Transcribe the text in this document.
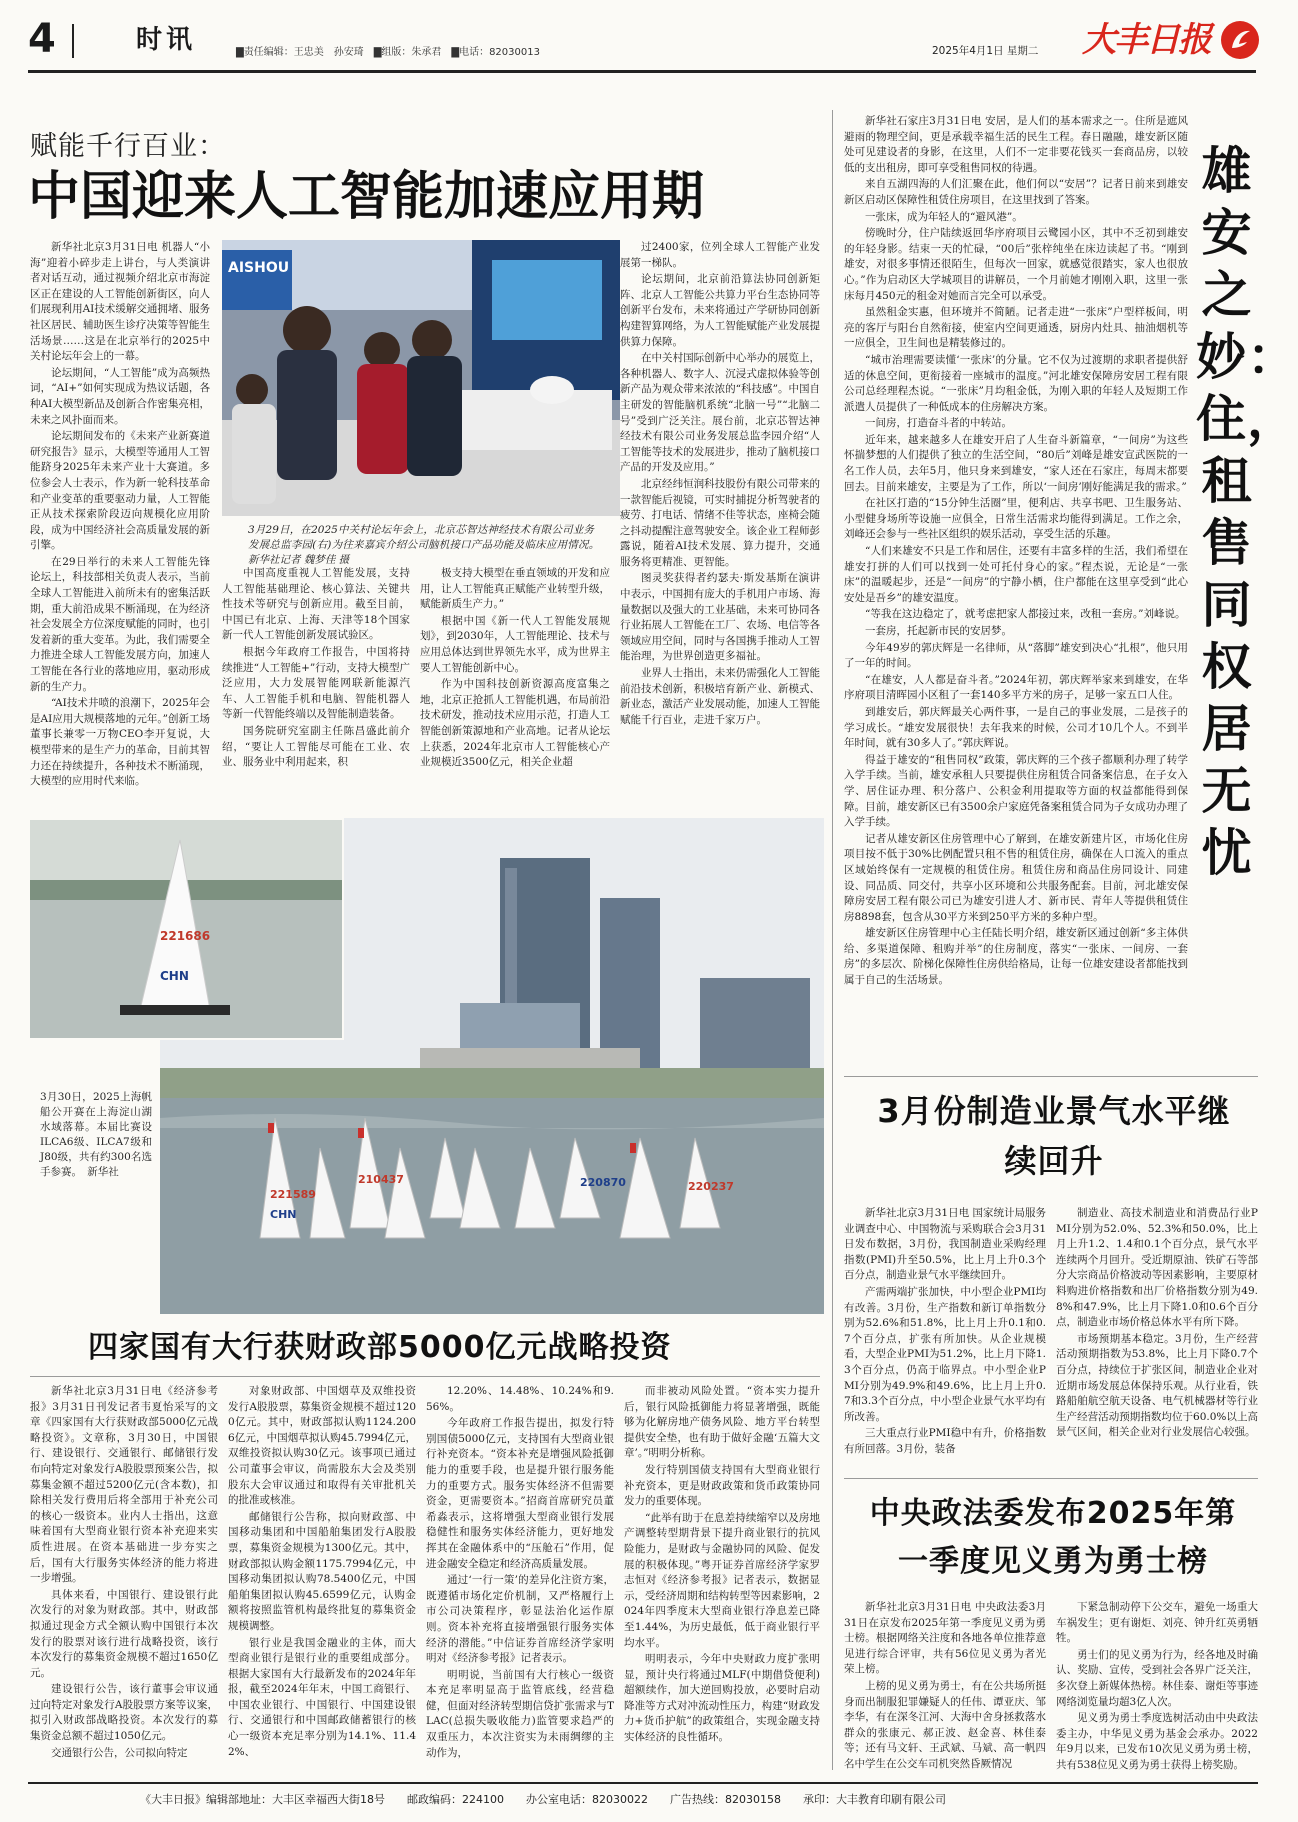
4	时讯	▇责任编辑：王忠美　孙安琦　▇组版：朱承君　▇电话：82030013	2025年4月1日 星期二 大丰日报
赋能千行百业：
中国迎来人工智能加速应用期

新华社北京3月31日电 机器人“小海”迎着小碎步走上讲台，与人类演讲者对话互动，通过视频介绍北京市海淀区正在建设的人工智能创新街区，向人们展现利用AI技术缓解交通拥堵、服务社区居民、辅助医生诊疗决策等智能生活场景……这是在北京举行的2025中关村论坛年会上的一幕。

论坛期间，“人工智能”成为高频热词，“AI+”如何实现成为热议话题，各种AI大模型新品及创新合作密集亮相，未来之风扑面而来。

论坛期间发布的《未来产业新赛道研究报告》显示，大模型等通用人工智能跻身2025年未来产业十大赛道。多位参会人士表示，作为新一轮科技革命和产业变革的重要驱动力量，人工智能正从技术探索阶段迈向规模化应用阶段，成为中国经济社会高质量发展的新引擎。

在29日举行的未来人工智能先锋论坛上，科技部相关负责人表示，当前全球人工智能进入前所未有的密集活跃期，重大前沿成果不断涌现，在为经济社会发展全方位深度赋能的同时，也引发着新的重大变革。为此，我们需要全力推进全球人工智能发展方向，加速人工智能在各行业的落地应用，驱动形成新的生产力。

“AI技术井喷的浪潮下，2025年会是AI应用大规模落地的元年。”创新工场董事长兼零一万物CEO李开复说，大模型带来的是生产力的革命，目前其智力还在持续提升，各种技术不断涌现，大模型的应用时代来临。

AISHOU
3月29日，在2025中关村论坛年会上，北京芯智达神经技术有限公司业务发展总监李园(右)为往来嘉宾介绍公司脑机接口产品功能及临床应用情况。　　新华社记者 魏梦佳 摄

中国高度重视人工智能发展，支持人工智能基础理论、核心算法、关键共性技术等研究与创新应用。截至目前，中国已有北京、上海、天津等18个国家新一代人工智能创新发展试验区。

根据今年政府工作报告，中国将持续推进“人工智能+”行动，支持大模型广泛应用，大力发展智能网联新能源汽车、人工智能手机和电脑、智能机器人等新一代智能终端以及智能制造装备。

国务院研究室副主任陈昌盛此前介绍，“要让人工智能尽可能在工业、农业、服务业中利用起来，积

极支持大模型在垂直领域的开发和应用，让人工智能真正赋能产业转型升级，赋能新质生产力。”

根据中国《新一代人工智能发展规划》，到2030年，人工智能理论、技术与应用总体达到世界领先水平，成为世界主要人工智能创新中心。

作为中国科技创新资源高度富集之地，北京正抢抓人工智能机遇，布局前沿技术研发，推动技术应用示范，打造人工智能创新策源地和产业高地。记者从论坛上获悉，2024年北京市人工智能核心产业规模近3500亿元，相关企业超

过2400家，位列全球人工智能产业发展第一梯队。

论坛期间，北京前沿算法协同创新矩阵、北京人工智能公共算力平台生态协同等创新平台发布，未来将通过产学研协同创新构建智算网络，为人工智能赋能产业发展提供算力保障。

在中关村国际创新中心举办的展览上，各种机器人、数字人、沉浸式虚拟体验等创新产品为观众带来浓浓的“科技感”。中国自主研发的智能脑机系统“北脑一号”“北脑二号”受到广泛关注。展台前，北京芯智达神经技术有限公司业务发展总监李园介绍“人工智能等技术的发展进步，推动了脑机接口产品的开发及应用。”

北京经纬恒润科技股份有限公司带来的一款智能后视镜，可实时捕捉分析驾驶者的疲劳、打电话、情绪不佳等状态，座椅会随之抖动提醒注意驾驶安全。该企业工程师彭露说，随着AI技术发展、算力提升，交通服务将更精准、更智能。

图灵奖获得者约瑟夫·斯发基斯在演讲中表示，中国拥有庞大的手机用户市场、海量数据以及强大的工业基础，未来可协同各行业拓展人工智能在工厂、农场、电信等各领域应用空间，同时与各国携手推动人工智能治理，为世界创造更多福祉。

业界人士指出，未来仍需强化人工智能前沿技术创新，积极培育新产业、新模式、新业态，激活产业发展动能，加速人工智能赋能千行百业，走进千家万户。

221589
210437	220870	220237
CHN
221686
CHN
3月30日，2025上海帆船公开赛在上海淀山湖水域落幕。本届比赛设ILCA6级、ILCA7级和J80级，共有约300名选手参赛。　新华社
四家国有大行获财政部5000亿元战略投资

新华社北京3月31日电《经济参考报》3月31日刊发记者韦夏怡采写的文章《四家国有大行获财政部5000亿元战略投资》。文章称，3月30日，中国银行、建设银行、交通银行、邮储银行发布向特定对象发行A股股票预案公告，拟募集金额不超过5200亿元(含本数)，扣除相关发行费用后将全部用于补充公司的核心一级资本。业内人士指出，这意味着国有大型商业银行资本补充迎来实质性进展。在资本基础进一步夯实之后，国有大行服务实体经济的能力将进一步增强。

具体来看，中国银行、建设银行此次发行的对象为财政部。其中，财政部拟通过现金方式全额认购中国银行本次发行的股票对该行进行战略投资，该行本次发行的募集资金规模不超过1650亿元。

建设银行公告，该行董事会审议通过向特定对象发行A股股票方案等议案，拟引入财政部战略投资。本次发行的募集资金总额不超过1050亿元。

交通银行公告，公司拟向特定

对象财政部、中国烟草及双维投资发行A股股票，募集资金规模不超过1200亿元。其中，财政部拟认购1124.2006亿元，中国烟草拟认购45.7994亿元，双维投资拟认购30亿元。该事项已通过公司董事会审议，尚需股东大会及类别股东大会审议通过和取得有关审批机关的批准或核准。

邮储银行公告称，拟向财政部、中国移动集团和中国船舶集团发行A股股票，募集资金规模为1300亿元。其中，财政部拟认购金额1175.7994亿元，中国移动集团拟认购78.5400亿元，中国船舶集团拟认购45.6599亿元，认购金额将按照监管机构最终批复的募集资金规模调整。

银行业是我国金融业的主体，而大型商业银行是银行业的重要组成部分。根据大家国有大行最新发布的2024年年报，截至2024年年末，中国工商银行、中国农业银行、中国银行、中国建设银行、交通银行和中国邮政储蓄银行的核心一级资本充足率分别为14.1%、11.42%、

12.20%、14.48%、10.24%和9.56%。

今年政府工作报告提出，拟发行特别国债5000亿元，支持国有大型商业银行补充资本。“资本补充是增强风险抵御能力的重要手段，也是提升银行服务能力的重要方式。服务实体经济不但需要资金，更需要资本。”招商首席研究员董希淼表示，这将增强大型商业银行发展稳健性和服务实体经济能力，更好地发挥其在金融体系中的“压舱石”作用，促进金融安全稳定和经济高质量发展。

通过‘一行一策’的差异化注资方案，既遵循市场化定价机制，又严格履行上市公司决策程序，彰显法治化运作原则。资本补充将直接增强银行服务实体经济的潜能。”中信证券首席经济学家明明对《经济参考报》记者表示。

明明说，当前国有大行核心一级资本充足率明显高于监管底线，经营稳健，但面对经济转型期信贷扩张需求与TLAC(总损失吸收能力)监管要求趋严的双重压力，本次注资实为未雨绸缪的主动作为，

而非被动风险处置。“资本实力提升后，银行风险抵御能力将显著增强，既能够为化解房地产债务风险、地方平台转型提供安全垫，也有助于做好金融‘五篇大文章’。”明明分析称。

发行特别国债支持国有大型商业银行补充资本，更是财政政策和货币政策协同发力的重要体现。

“此举有助于在息差持续缩窄以及房地产调整转型期背景下提升商业银行的抗风险能力，是财政与金融协同的风险、促发展的积极体现。”粤开证券首席经济学家罗志恒对《经济参考报》记者表示，数据显示，受经济周期和结构转型等因素影响，2024年四季度末大型商业银行净息差已降至1.44%，为历史最低，低于商业银行平均水平。

明明表示，今年中央财政力度扩张明显，预计央行将通过MLF(中期借贷便利)超额续作，加大逆回购投放，必要时启动降准等方式对冲流动性压力，构建“财政发力+货币护航”的政策组合，实现金融支持实体经济的良性循环。

新华社石家庄3月31日电 安居，是人们的基本需求之一。住所是遮风避雨的物理空间，更是承载幸福生活的民生工程。春日融融，雄安新区随处可见建设者的身影，在这里，人们不一定非要花钱买一套商品房，以较低的支出租房，即可享受租售同权的待遇。

来自五湖四海的人们汇聚在此，他们何以“安居”？记者日前来到雄安新区启动区保障性租赁住房项目，在这里找到了答案。

一张床，成为年轻人的“避风港”。

傍晚时分，住户陆续返回华序府项目云鹭园小区，其中不乏初到雄安的年轻身影。结束一天的忙碌，“00后”张梓纯坐在床边读起了书。“刚到雄安，对很多事情还很陌生，但每次一回家，就感觉很踏实，家人也很放心。”作为启动区大学城项目的讲解员，一个月前她才刚刚入职，这里一张床每月450元的租金对她而言完全可以承受。

虽然租金实惠，但环境并不简陋。记者走进“一张床”户型样板间，明亮的客厅与阳台自然衔接，使室内空间更通透，厨房内灶具、抽油烟机等一应俱全，卫生间也是精装修过的。

“城市治理需要读懂‘一张床’的分量。它不仅为过渡期的求职者提供舒适的休息空间，更衔接着一座城市的温度。”河北雄安保障房安居工程有限公司总经理程杰说。“一张床”月均租金低，为刚入职的年轻人及短期工作派遣人员提供了一种低成本的住房解决方案。

一间房，打造奋斗者的中转站。

近年来，越来越多人在雄安开启了人生奋斗新篇章，“一间房”为这些怀揣梦想的人们提供了独立的生活空间，“80后”刘峰是雄安宣武医院的一名工作人员，去年5月，他只身来到雄安，“家人还在石家庄，每周末都要回去。目前来雄安，主要是为了工作，所以‘一间房’刚好能满足我的需求。”

在社区打造的“15分钟生活圈”里，便利店、共享书吧、卫生服务站、小型健身场所等设施一应俱全，日常生活需求均能得到满足。工作之余，刘峰还会参与一些社区组织的娱乐活动，享受生活的乐趣。

“人们来雄安不只是工作和居住，还要有丰富多样的生活，我们希望在雄安打拼的人们可以找到一处可托付身心的家。”程杰说，无论是“一张床”的温暖起步，还是“一间房”的宁静小栖，住户都能在这里享受到“此心安处是吾乡”的雄安温度。

“等我在这边稳定了，就考虑把家人都接过来，改租一套房。”刘峰说。

一套房，托起新市民的安居梦。

今年49岁的郭庆辉是一名律师，从“落脚”雄安到决心“扎根”，他只用了一年的时间。

“在雄安，人人都是奋斗者。”2024年初，郭庆辉举家来到雄安，在华序府项目清晖园小区租了一套140多平方米的房子，足够一家五口人住。

到雄安后，郭庆辉最关心两件事，一是自己的事业发展，二是孩子的学习成长。“雄安发展很快！去年我来的时候，公司才10几个人。不到半年时间，就有30多人了。”郭庆辉说。

得益于雄安的“租售同权”政策，郭庆辉的三个孩子都顺利办理了转学入学手续。当前，雄安承租人只要提供住房租赁合同备案信息，在子女入学、居住证办理、积分落户、公积金利用提取等方面的权益都能得到保障。目前，雄安新区已有3500余户家庭凭备案租赁合同为子女成功办理了入学手续。

记者从雄安新区住房管理中心了解到，在雄安新建片区，市场化住房项目按不低于30%比例配置只租不售的租赁住房，确保在人口流入的重点区域始终保有一定规模的租赁住房。租赁住房和商品住房同设计、同建设、同品质、同交付，共享小区环境和公共服务配套。目前，河北雄安保障房安居工程有限公司已为雄安引进人才、新市民、青年人等提供租赁住房8898套，包含从30平方米到250平方米的多种户型。

雄安新区住房管理中心主任陆长明介绍，雄安新区通过创新“多主体供给、多渠道保障、租购并举”的住房制度，落实“一张床、一间房、一套房”的多层次、阶梯化保障性住房供给格局，让每一位雄安建设者都能找到属于自己的生活场景。

雄安之妙：住，租售同权居无忧
3月份制造业景气水平继续回升

新华社北京3月31日电 国家统计局服务业调查中心、中国物流与采购联合会3月31日发布数据，3月份，我国制造业采购经理指数(PMI)升至50.5%，比上月上升0.3个百分点，制造业景气水平继续回升。

产需两端扩张加快，中小型企业PMI均有改善。3月份，生产指数和新订单指数分别为52.6%和51.8%，比上月上升0.1和0.7个百分点，扩张有所加快。从企业规模看，大型企业PMI为51.2%，比上月下降1.3个百分点，仍高于临界点。中小型企业PMI分别为49.9%和49.6%，比上月上升0.7和3.3个百分点，中小型企业景气水平均有所改善。

三大重点行业PMI稳中有升，价格指数有所回落。3月份，装备

制造业、高技术制造业和消费品行业PMI分别为52.0%、52.3%和50.0%，比上月上升1.2、1.4和0.1个百分点，景气水平连续两个月回升。受近期原油、铁矿石等部分大宗商品价格波动等因素影响，主要原材料购进价格指数和出厂价格指数分别为49.8%和47.9%，比上月下降1.0和0.6个百分点，制造业市场价格总体水平有所下降。

市场预期基本稳定。3月份，生产经营活动预期指数为53.8%，比上月下降0.7个百分点，持续位于扩张区间，制造业企业对近期市场发展总体保持乐观。从行业看，铁路船舶航空航天设备、电气机械器材等行业生产经营活动预期指数均位于60.0%以上高景气区间，相关企业对行业发展信心较强。

中央政法委发布2025年第一季度见义勇为勇士榜

新华社北京3月31日电 中央政法委3月31日在京发布2025年第一季度见义勇为勇士榜。根据网络关注度和各地各单位推荐意见进行综合评审，共有56位见义勇为者光荣上榜。

上榜的见义勇为勇士，有在公共场所挺身而出制服犯罪嫌疑人的任伟、谭亚庆、邹李华，有在深冬江河、大海中舍身拯救落水群众的张康元、郝正波、赵金喜、林佳泰等；还有马文轩、王武斌、马斌、高一帆四名中学生在公交车司机突然昏厥情况

下紧急制动停下公交车，避免一场重大车祸发生；更有谢炬、刘亮、钟升红英勇牺牲。

勇士们的见义勇为行为，经各地及时确认、奖励、宣传，受到社会各界广泛关注，多次登上新媒体热榜。林佳泰、谢炬等事迹网络浏览量均超3亿人次。

见义勇为勇士季度选树活动由中央政法委主办，中华见义勇为基金会承办。2022年9月以来，已发布10次见义勇为勇士榜，共有538位见义勇为勇士获得上榜奖励。

《大丰日报》编辑部地址：大丰区幸福西大街18号　　邮政编码：224100　　办公室电话：82030022　　广告热线：82030158　　承印：大丰教育印刷有限公司
